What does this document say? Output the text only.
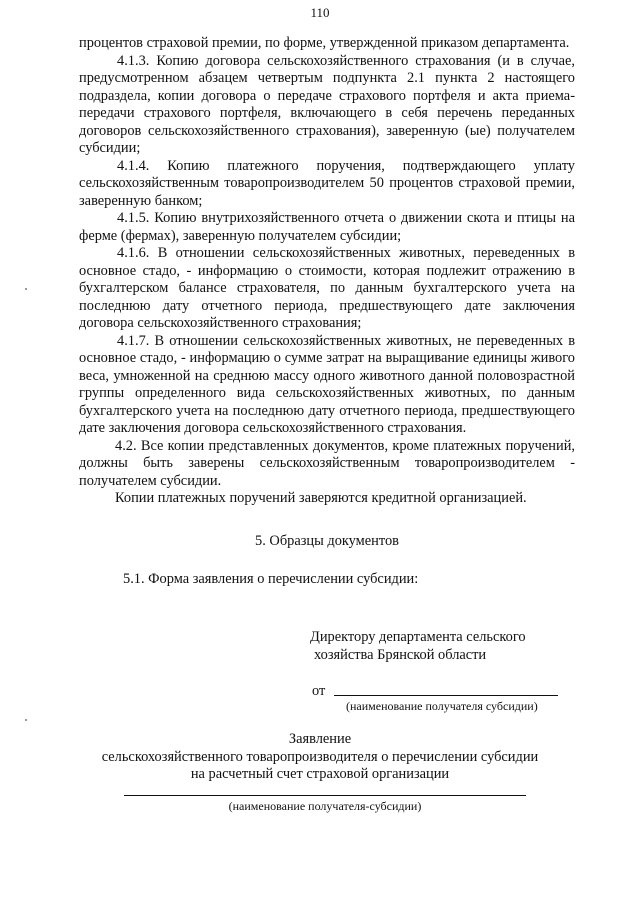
110

процентов страховой премии, по форме, утвержденной приказом департамента.

4.1.3. Копию договора сельскохозяйственного страхования (и в случае, предусмотренном абзацем четвертым подпункта 2.1 пункта 2 настоящего подраздела, копии договора о передаче страхового портфеля и акта приема-передачи страхового портфеля, включающего в себя перечень переданных договоров сельскохозяйственного страхования), заверенную (ые) получателем субсидии;

4.1.4. Копию платежного поручения, подтверждающего уплату сельскохозяйственным товаропроизводителем 50 процентов страховой премии, заверенную банком;

4.1.5. Копию внутрихозяйственного отчета о движении скота и птицы на ферме (фермах), заверенную получателем субсидии;

4.1.6. В отношении сельскохозяйственных животных, переведенных в основное стадо, - информацию о стоимости, которая подлежит отражению в бухгалтерском балансе страхователя, по данным бухгалтерского учета на последнюю дату отчетного периода, предшествующего дате заключения договора сельскохозяйственного страхования;

4.1.7. В отношении сельскохозяйственных животных, не переведенных в основное стадо, - информацию о сумме затрат на выращивание единицы живого веса, умноженной на среднюю массу одного животного данной половозрастной группы определенного вида сельскохозяйственных животных, по данным бухгалтерского учета на последнюю дату отчетного периода, предшествующего дате заключения договора сельскохозяйственного страхования.

4.2. Все копии представленных документов, кроме платежных поручений, должны быть заверены сельскохозяйственным товаропроизводителем - получателем субсидии.

Копии платежных поручений заверяются кредитной организацией.

5. Образцы документов

5.1. Форма заявления о перечислении субсидии:

Директору департамента сельского
хозяйства Брянской области
от
(наименование получателя субсидии)
Заявление
сельскохозяйственного товаропроизводителя о перечислении субсидии
на расчетный счет страховой организации
(наименование получателя-субсидии)
